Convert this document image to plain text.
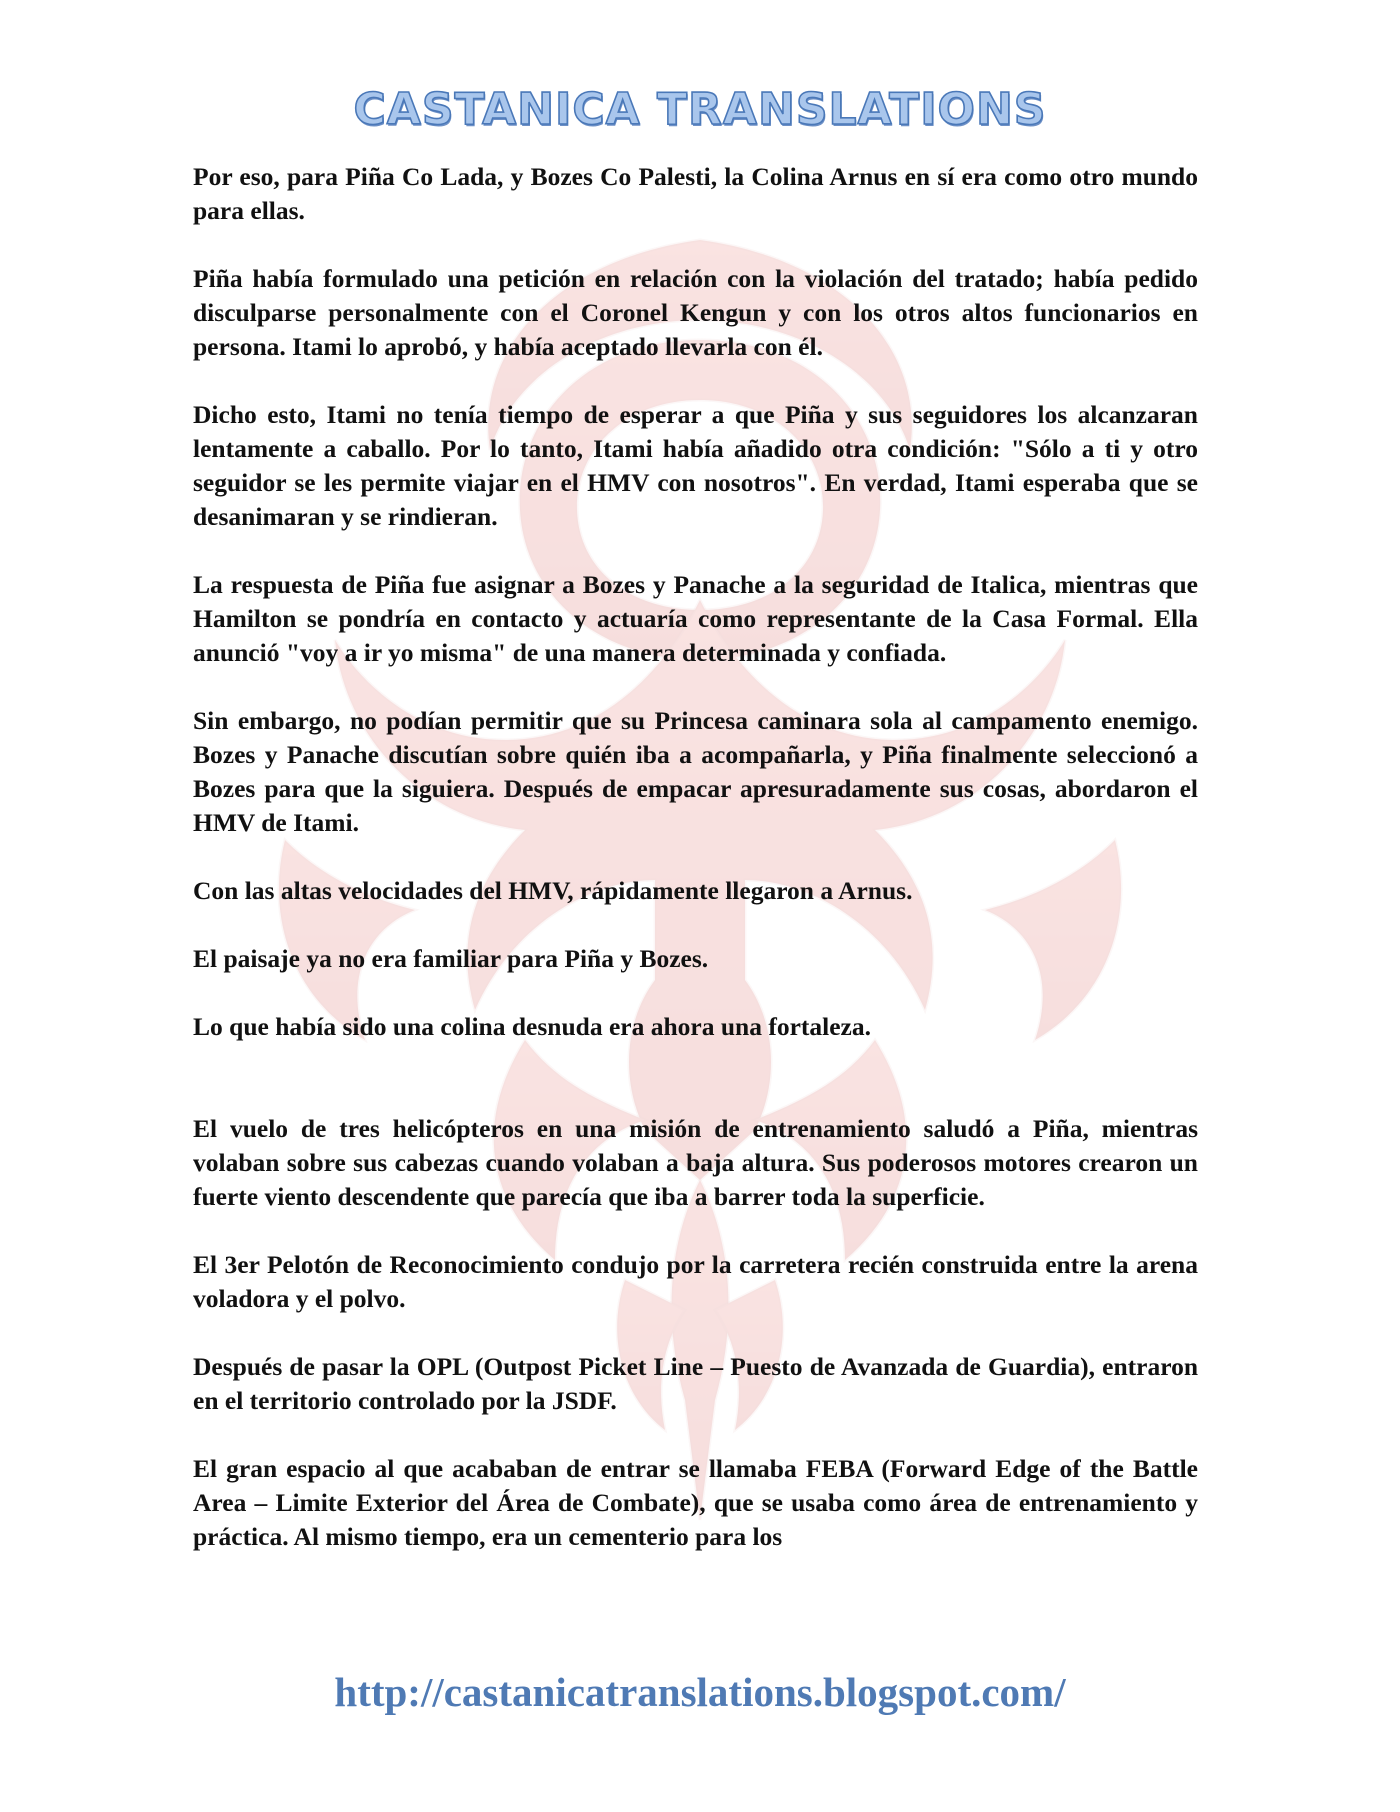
CASTANICA TRANSLATIONS

Por eso, para Piña Co Lada, y Bozes Co Palesti, la Colina Arnus en sí era como otro mundo para ellas.

Piña había formulado una petición en relación con la violación del tratado; había pedido disculparse personalmente con el Coronel Kengun y con los otros altos funcionarios en persona. Itami lo aprobó, y había aceptado llevarla con él.

Dicho esto, Itami no tenía tiempo de esperar a que Piña y sus seguidores los alcanzaran lentamente a caballo. Por lo tanto, Itami había añadido otra condición: "Sólo a ti y otro seguidor se les permite viajar en el HMV con nosotros". En verdad, Itami esperaba que se desanimaran y se rindieran.

La respuesta de Piña fue asignar a Bozes y Panache a la seguridad de Italica, mientras que Hamilton se pondría en contacto y actuaría como representante de la Casa Formal. Ella anunció "voy a ir yo misma" de una manera determinada y confiada.

Sin embargo, no podían permitir que su Princesa caminara sola al campamento enemigo. Bozes y Panache discutían sobre quién iba a acompañarla, y Piña finalmente seleccionó a Bozes para que la siguiera. Después de empacar apresuradamente sus cosas, abordaron el HMV de Itami.

Con las altas velocidades del HMV, rápidamente llegaron a Arnus.

El paisaje ya no era familiar para Piña y Bozes.

Lo que había sido una colina desnuda era ahora una fortaleza.

El vuelo de tres helicópteros en una misión de entrenamiento saludó a Piña, mientras volaban sobre sus cabezas cuando volaban a baja altura. Sus poderosos motores crearon un fuerte viento descendente que parecía que iba a barrer toda la superficie.

El 3er Pelotón de Reconocimiento condujo por la carretera recién construida entre la arena voladora y el polvo.

Después de pasar la OPL (Outpost Picket Line – Puesto de Avanzada de Guardia), entraron en el territorio controlado por la JSDF.

El gran espacio al que acababan de entrar se llamaba FEBA (Forward Edge of the Battle Area – Limite Exterior del Área de Combate), que se usaba como área de entrenamiento y práctica. Al mismo tiempo, era un cementerio para los

http://castanicatranslations.blogspot.com/
